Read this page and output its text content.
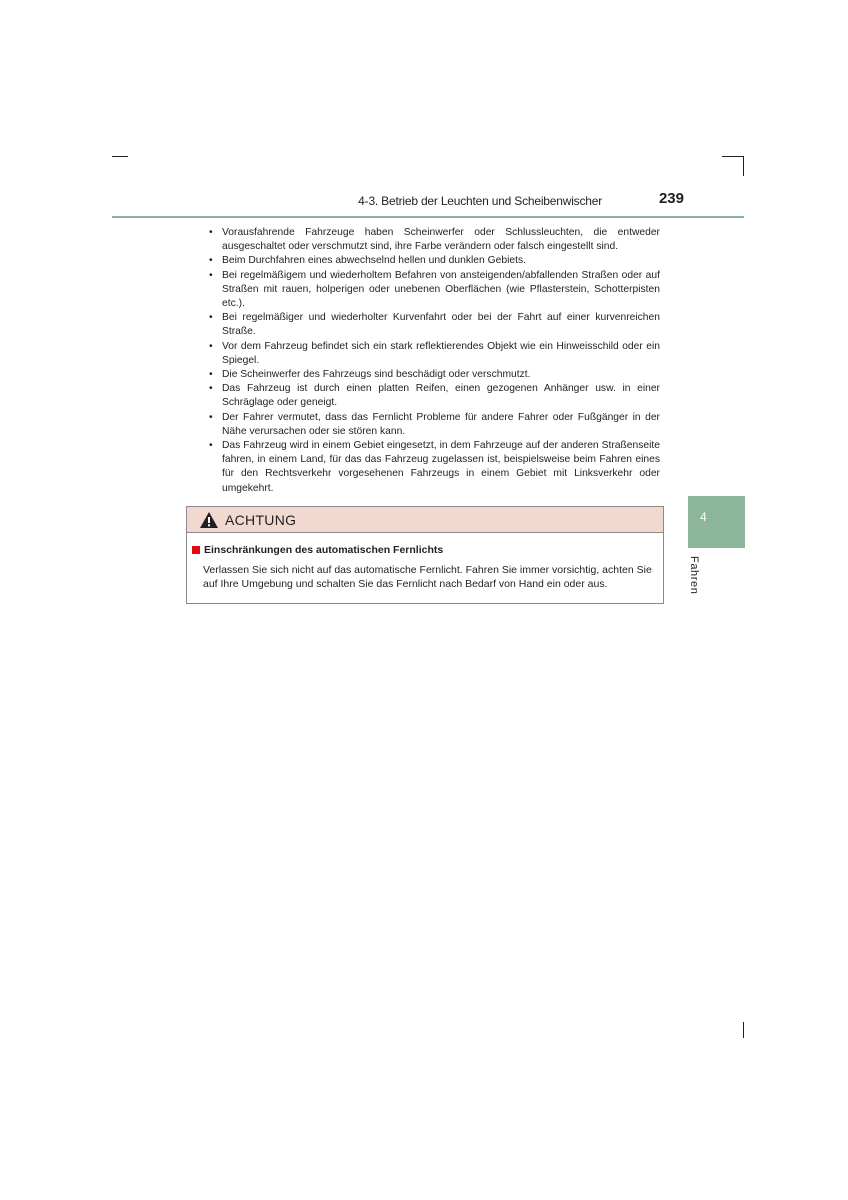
4-3. Betrieb der Leuchten und Scheibenwischer	239
• Vorausfahrende Fahrzeuge haben Scheinwerfer oder Schlussleuchten, die entweder ausgeschaltet oder verschmutzt sind, ihre Farbe verändern oder falsch eingestellt sind.
• Beim Durchfahren eines abwechselnd hellen und dunklen Gebiets.
• Bei regelmäßigem und wiederholtem Befahren von ansteigenden/abfallenden Straßen oder auf Straßen mit rauen, holperigen oder unebenen Oberflächen (wie Pflasterstein, Schotterpisten etc.).
• Bei regelmäßiger und wiederholter Kurvenfahrt oder bei der Fahrt auf einer kurvenreichen Straße.
• Vor dem Fahrzeug befindet sich ein stark reflektierendes Objekt wie ein Hinweisschild oder ein Spiegel.
• Die Scheinwerfer des Fahrzeugs sind beschädigt oder verschmutzt.
• Das Fahrzeug ist durch einen platten Reifen, einen gezogenen Anhänger usw. in einer Schräglage oder geneigt.
• Der Fahrer vermutet, dass das Fernlicht Probleme für andere Fahrer oder Fußgänger in der Nähe verursachen oder sie stören kann.
• Das Fahrzeug wird in einem Gebiet eingesetzt, in dem Fahrzeuge auf der anderen Straßenseite fahren, in einem Land, für das das Fahrzeug zugelassen ist, beispielsweise beim Fahren eines für den Rechtsverkehr vorgesehenen Fahrzeugs in einem Gebiet mit Linksverkehr oder umgekehrt.
ACHTUNG
Einschränkungen des automatischen Fernlichts
Verlassen Sie sich nicht auf das automatische Fernlicht. Fahren Sie immer vorsichtig, achten Sie auf Ihre Umgebung und schalten Sie das Fernlicht nach Bedarf von Hand ein oder aus.
4
Fahren
